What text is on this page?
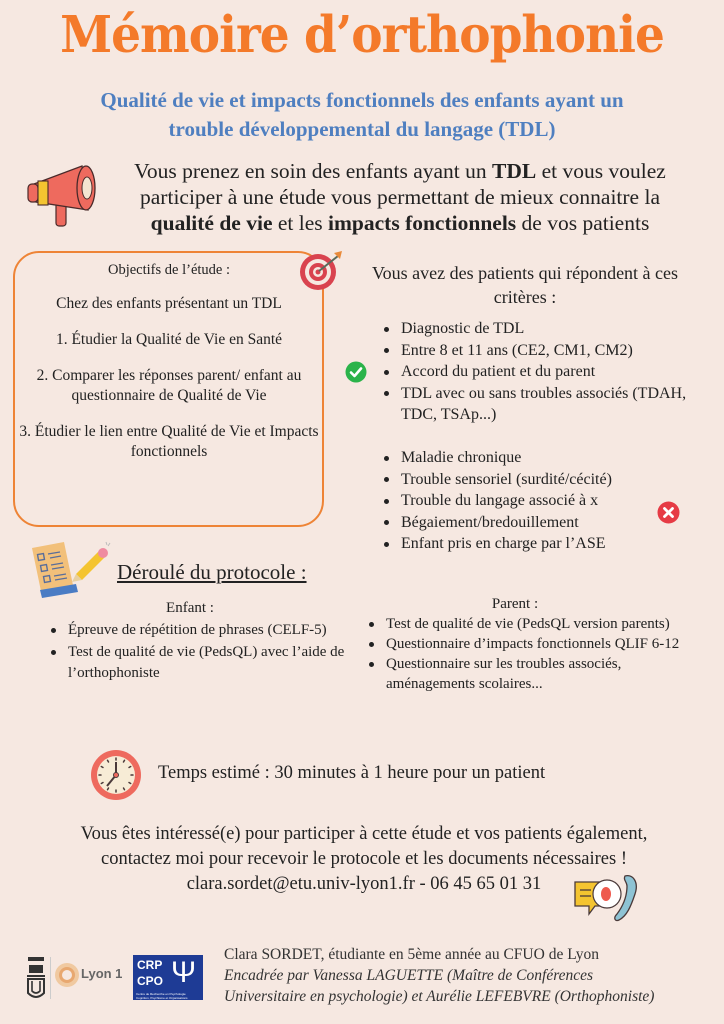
Mémoire d’orthophonie
Qualité de vie et impacts fonctionnels des enfants ayant un
trouble développemental du langage (TDL)
Vous prenez en soin des enfants ayant un TDL et vous voulez participer à une étude vous permettant de mieux connaitre la qualité de vie et les impacts fonctionnels de vos patients

Objectifs de l’étude :

Chez des enfants présentant un TDL

1. Étudier la Qualité de Vie en Santé

2. Comparer les réponses parent/ enfant au questionnaire de Qualité de Vie

3. Étudier le lien entre Qualité de Vie et Impacts fonctionnels

Vous avez des patients qui répondent à ces critères :
Diagnostic de TDL
Entre 8 et 11 ans (CE2, CM1, CM2)
Accord du patient et du parent
TDL avec ou sans troubles associés (TDAH, TDC, TSAp...)
Maladie chronique
Trouble sensoriel (surdité/cécité)
Trouble du langage associé à x
Bégaiement/bredouillement
Enfant pris en charge par l’ASE
Déroulé du protocole :
Enfant :
Épreuve de répétition de phrases (CELF-5)
Test de qualité de vie (PedsQL) avec l’aide de l’orthophoniste
Parent :
Test de qualité de vie (PedsQL version parents)
Questionnaire d’impacts fonctionnels QLIF 6-12
Questionnaire sur les troubles associés, aménagements scolaires...
Temps estimé : 30 minutes à 1 heure pour un patient
Vous êtes intéressé(e) pour participer à cette étude et vos patients également,
contactez moi pour recevoir le protocole et les documents nécessaires !
clara.sordet@etu.univ-lyon1.fr - 06 45 65 01 31
Lyon 1
CRP
CPO Ψ
Centre de Recherche en Psychologie Cognition, Psychisme et Organisations
Clara SORDET, étudiante en 5ème année au CFUO de Lyon
Encadrée par Vanessa LAGUETTE (Maître de Conférences
Universitaire en psychologie) et Aurélie LEFEBVRE (Orthophoniste)
